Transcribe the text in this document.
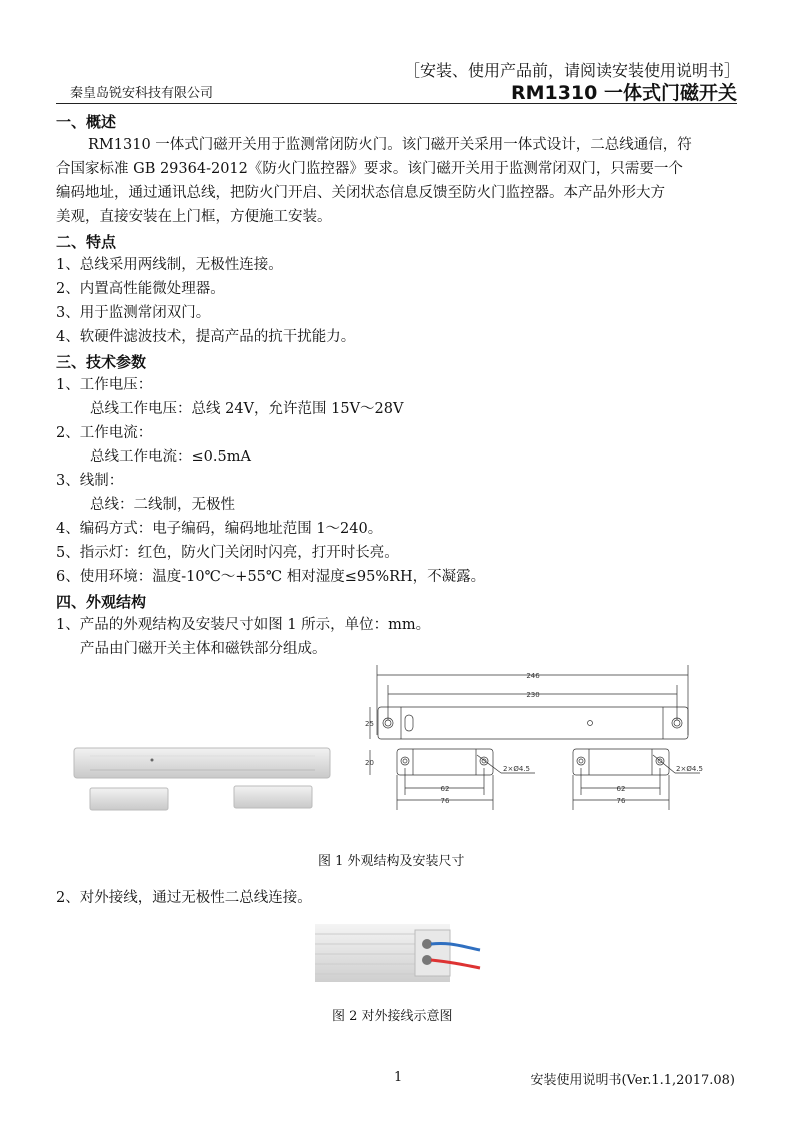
［安装、使用产品前，请阅读安装使用说明书］
秦皇岛锐安科技有限公司	RM1310 一体式门磁开关
一、概述
RM1310 一体式门磁开关用于监测常闭防火门。该门磁开关采用一体式设计，二总线通信，符
合国家标准 GB 29364-2012《防火门监控器》要求。该门磁开关用于监测常闭双门，只需要一个
编码地址，通过通讯总线，把防火门开启、关闭状态信息反馈至防火门监控器。本产品外形大方
美观，直接安装在上门框，方便施工安装。
二、特点
1、总线采用两线制，无极性连接。
2、内置高性能微处理器。
3、用于监测常闭双门。
4、软硬件滤波技术，提高产品的抗干扰能力。
三、技术参数
1、工作电压：
总线工作电压：总线 24V，允许范围 15V～28V
2、工作电流：
总线工作电流：≤0.5mA
3、线制：
总线：二线制，无极性
4、编码方式：电子编码，编码地址范围 1～240。
5、指示灯：红色，防火门关闭时闪亮，打开时长亮。
6、使用环境：温度-10℃～+55℃ 相对湿度≤95%RH，不凝露。
四、外观结构
1、产品的外观结构及安装尺寸如图 1 所示，单位：mm。
产品由门磁开关主体和磁铁部分组成。
246
230
25
20
62
76
2×Ø4.5
62
76
2×Ø4.5
图 1 外观结构及安装尺寸
2、对外接线，通过无极性二总线连接。
图 2 对外接线示意图
1	安装使用说明书(Ver.1.1,2017.08)
